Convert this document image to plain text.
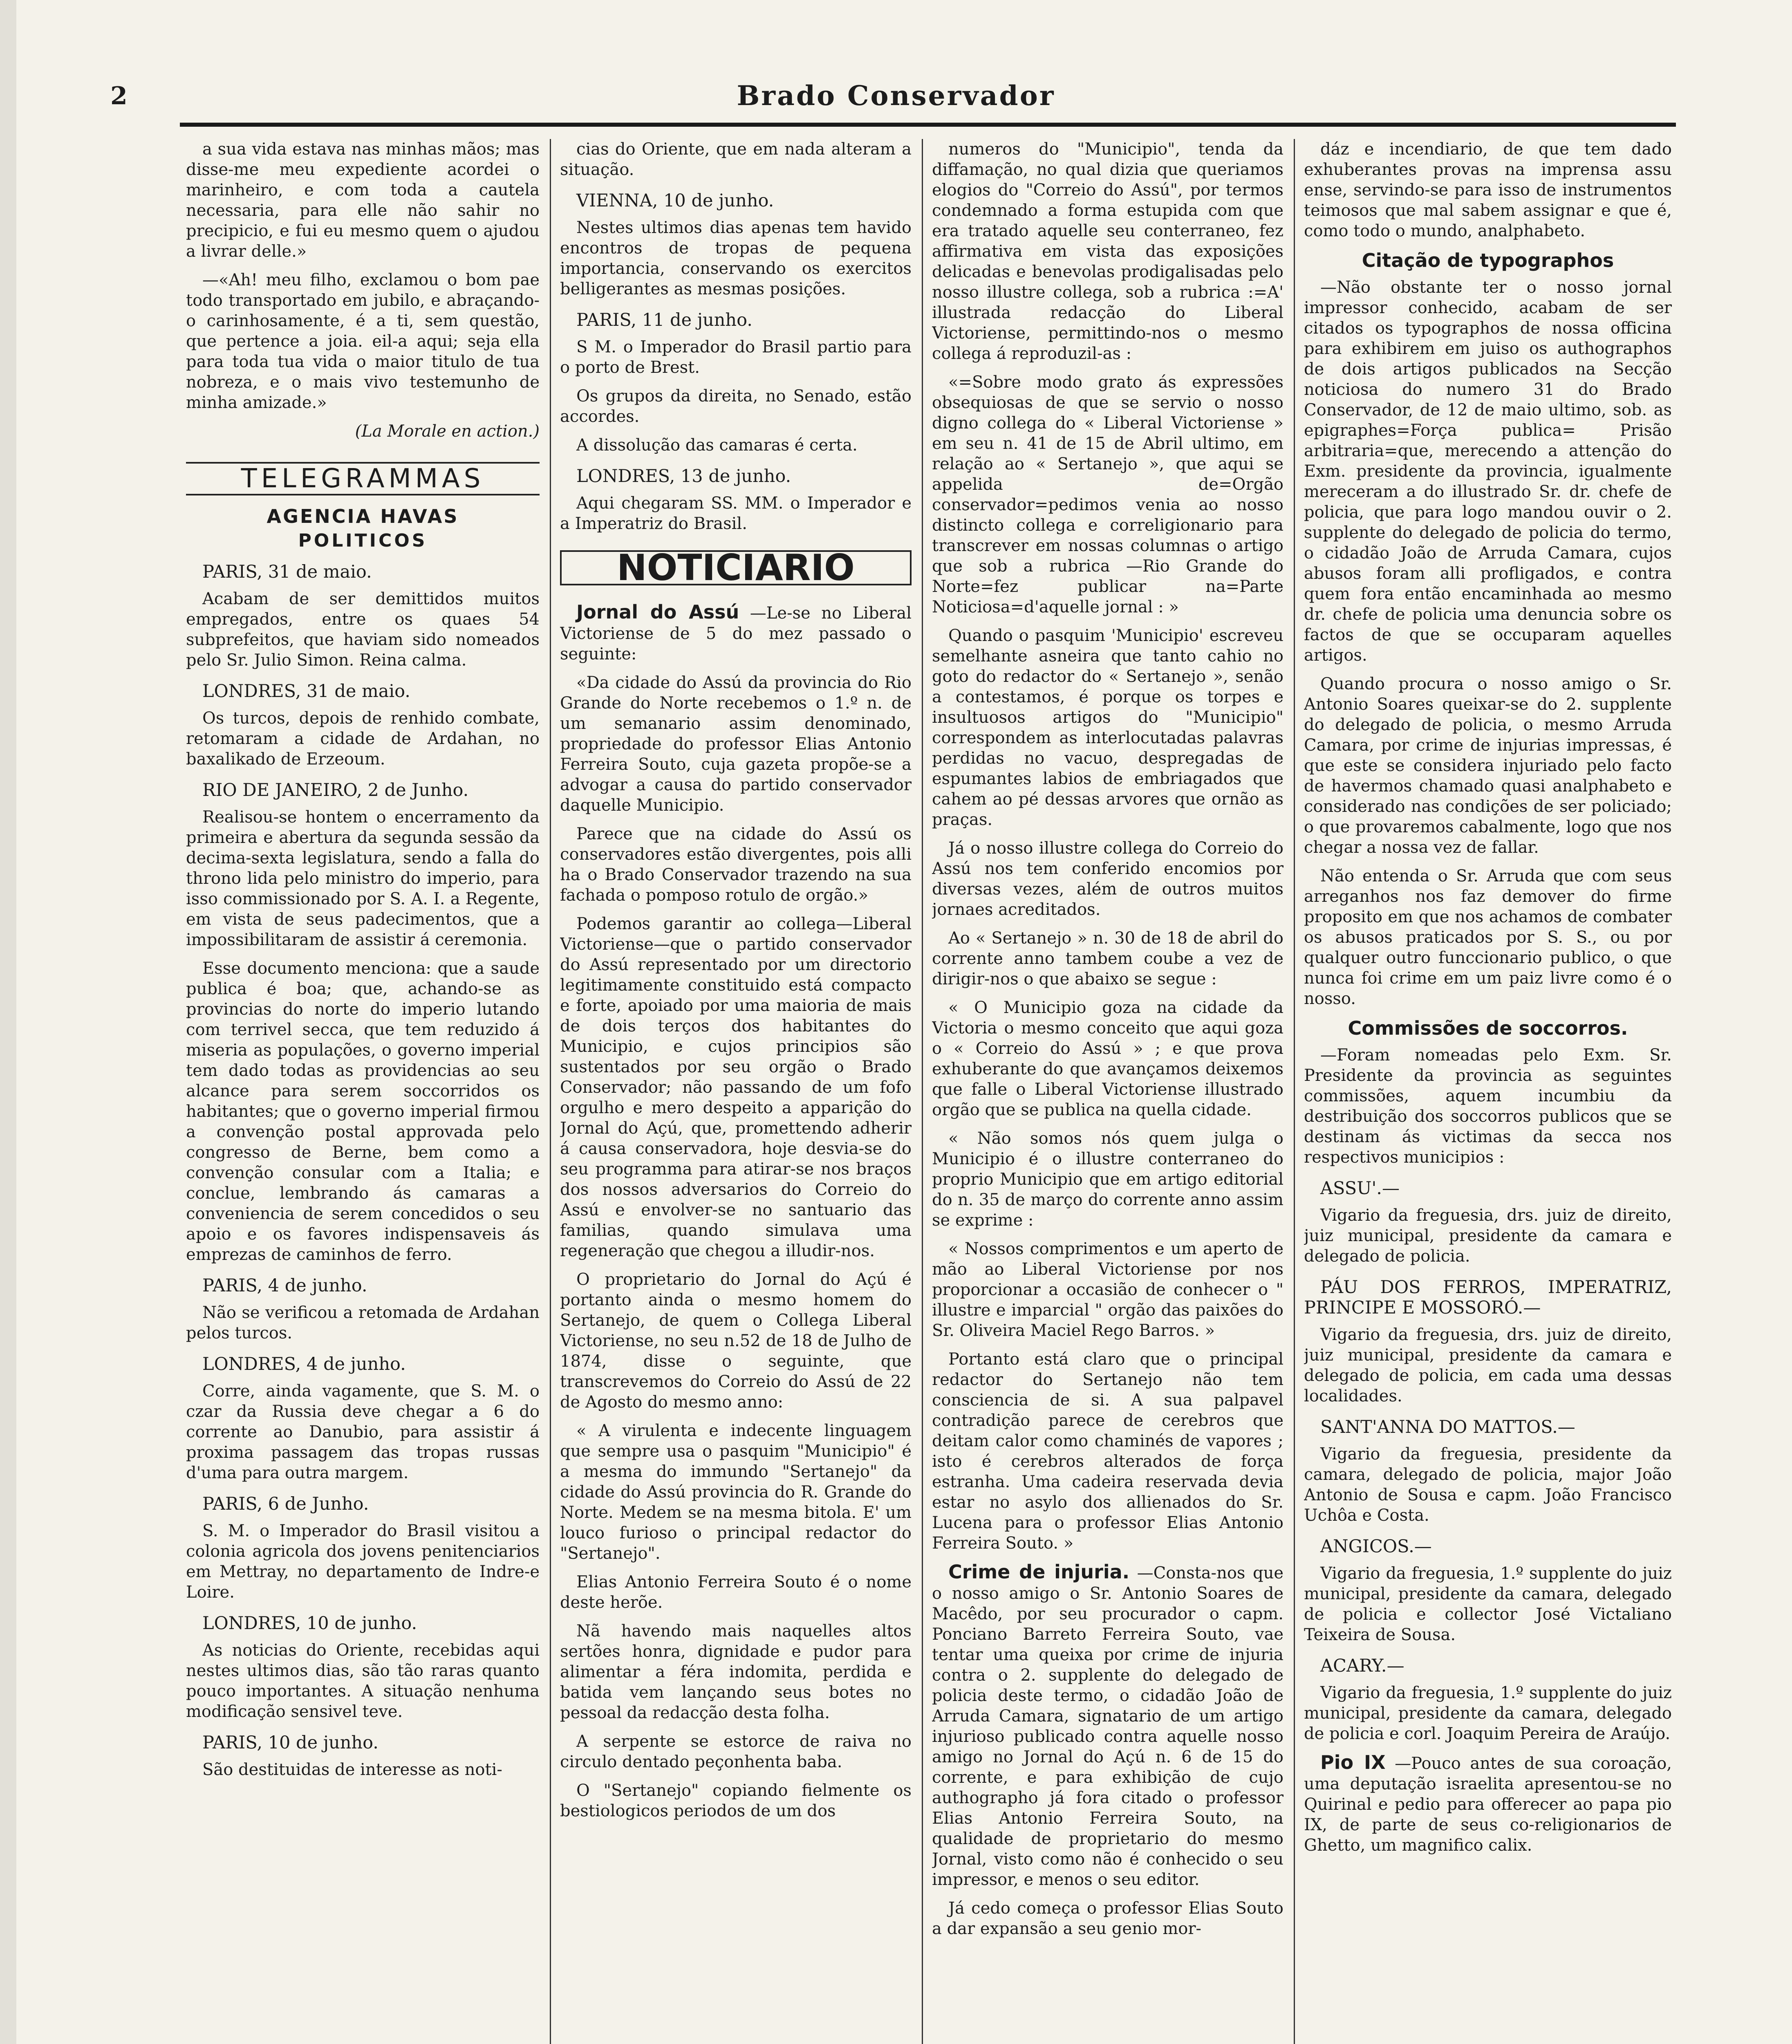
2	Brado Conservador

a sua vida estava nas minhas mãos; mas disse-me meu expediente acordei o marinheiro, e com toda a cautela necessaria, para elle não sahir no precipicio, e fui eu mesmo quem o ajudou a livrar delle.»

—«Ah! meu filho, exclamou o bom pae todo transportado em jubilo, e abraçando-o carinhosamente, é a ti, sem questão, que pertence a joia. eil-a aqui; seja ella para toda tua vida o maior titulo de tua nobreza, e o mais vivo testemunho de minha amizade.»

(La Morale en action.)

TELEGRAMMAS

AGENCIA HAVAS

POLITICOS

PARIS, 31 de maio.

Acabam de ser demittidos muitos empregados, entre os quaes 54 subprefeitos, que haviam sido nomeados pelo Sr. Julio Simon. Reina calma.

LONDRES, 31 de maio.

Os turcos, depois de renhido combate, retomaram a cidade de Ardahan, no baxalikado de Erzeoum.

RIO DE JANEIRO, 2 de Junho.

Realisou-se hontem o encerramento da primeira e abertura da segunda sessão da decima-sexta legislatura, sendo a falla do throno lida pelo ministro do imperio, para isso commissionado por S. A. I. a Regente, em vista de seus padecimentos, que a impossibilitaram de assistir á ceremonia.

Esse documento menciona: que a saude publica é boa; que, achando-se as provincias do norte do imperio lutando com terrivel secca, que tem reduzido á miseria as populações, o governo imperial tem dado todas as providencias ao seu alcance para serem soccorridos os habitantes; que o governo imperial firmou a convenção postal approvada pelo congresso de Berne, bem como a convenção consular com a Italia; e conclue, lembrando ás camaras a conveniencia de serem concedidos o seu apoio e os favores indispensaveis ás emprezas de caminhos de ferro.

PARIS, 4 de junho.

Não se verificou a retomada de Ardahan pelos turcos.

LONDRES, 4 de junho.

Corre, ainda vagamente, que S. M. o czar da Russia deve chegar a 6 do corrente ao Danubio, para assistir á proxima passagem das tropas russas d'uma para outra margem.

PARIS, 6 de Junho.

S. M. o Imperador do Brasil visitou a colonia agricola dos jovens penitenciarios em Mettray, no departamento de Indre-e Loire.

LONDRES, 10 de junho.

As noticias do Oriente, recebidas aqui nestes ultimos dias, são tão raras quanto pouco importantes. A situação nenhuma modificação sensivel teve.

PARIS, 10 de junho.

São destituidas de interesse as noti-

cias do Oriente, que em nada alteram a situação.

VIENNA, 10 de junho.

Nestes ultimos dias apenas tem havido encontros de tropas de pequena importancia, conservando os exercitos belligerantes as mesmas posições.

PARIS, 11 de junho.

S M. o Imperador do Brasil partio para o porto de Brest.

Os grupos da direita, no Senado, estão accordes.

A dissolução das camaras é certa.

LONDRES, 13 de junho.

Aqui chegaram SS. MM. o Imperador e a Imperatriz do Brasil.

NOTICIARIO

Jornal do Assú —Le-se no Liberal Victoriense de 5 do mez passado o seguinte:

«Da cidade do Assú da provincia do Rio Grande do Norte recebemos o 1.º n. de um semanario assim denominado, propriedade do professor Elias Antonio Ferreira Souto, cuja gazeta propõe-se a advogar a causa do partido conservador daquelle Municipio.

Parece que na cidade do Assú os conservadores estão divergentes, pois alli ha o Brado Conservador trazendo na sua fachada o pomposo rotulo de orgão.»

Podemos garantir ao collega—Liberal Victoriense—que o partido conservador do Assú representado por um directorio legitimamente constituido está compacto e forte, apoiado por uma maioria de mais de dois terços dos habitantes do Municipio, e cujos principios são sustentados por seu orgão o Brado Conservador; não passando de um fofo orgulho e mero despeito a apparição do Jornal do Açú, que, promettendo adherir á causa conservadora, hoje desvia-se do seu programma para atirar-se nos braços dos nossos adversarios do Correio do Assú e envolver-se no santuario das familias, quando simulava uma regeneração que chegou a illudir-nos.

O proprietario do Jornal do Açú é portanto ainda o mesmo homem do Sertanejo, de quem o Collega Liberal Victoriense, no seu n.52 de 18 de Julho de 1874, disse o seguinte, que transcrevemos do Correio do Assú de 22 de Agosto do mesmo anno:

« A virulenta e indecente linguagem que sempre usa o pasquim "Municipio" é a mesma do immundo "Sertanejo" da cidade do Assú provincia do R. Grande do Norte. Medem se na mesma bitola. E' um louco furioso o principal redactor do "Sertanejo".

Elias Antonio Ferreira Souto é o nome deste herõe.

Nã havendo mais naquelles altos sertões honra, dignidade e pudor para alimentar a féra indomita, perdida e batida vem lançando seus botes no pessoal da redacção desta folha.

A serpente se estorce de raiva no circulo dentado peçonhenta baba.

O "Sertanejo" copiando fielmente os bestiologicos periodos de um dos

numeros do "Municipio", tenda da diffamação, no qual dizia que queriamos elogios do "Correio do Assú", por termos condemnado a forma estupida com que era tratado aquelle seu conterraneo, fez affirmativa em vista das exposições delicadas e benevolas prodigalisadas pelo nosso illustre collega, sob a rubrica :=A' illustrada redacção do Liberal Victoriense, permittindo-nos o mesmo collega á reproduzil-as :

«=Sobre modo grato ás expressões obsequiosas de que se servio o nosso digno collega do « Liberal Victoriense » em seu n. 41 de 15 de Abril ultimo, em relação ao « Sertanejo », que aqui se appelida de=Orgão conservador=pedimos venia ao nosso distincto collega e correligionario para transcrever em nossas columnas o artigo que sob a rubrica —Rio Grande do Norte=fez publicar na=Parte Noticiosa=d'aquelle jornal : »

Quando o pasquim 'Municipio' escreveu semelhante asneira que tanto cahio no goto do redactor do « Sertanejo », senão a contestamos, é porque os torpes e insultuosos artigos do "Municipio" correspondem as interlocutadas palavras perdidas no vacuo, despregadas de espumantes labios de embriagados que cahem ao pé dessas arvores que ornão as praças.

Já o nosso illustre collega do Correio do Assú nos tem conferido encomios por diversas vezes, além de outros muitos jornaes acreditados.

Ao « Sertanejo » n. 30 de 18 de abril do corrente anno tambem coube a vez de dirigir-nos o que abaixo se segue :

« O Municipio goza na cidade da Victoria o mesmo conceito que aqui goza o « Correio do Assú » ; e que prova exhuberante do que avançamos deixemos que falle o Liberal Victoriense illustrado orgão que se publica na quella cidade.

« Não somos nós quem julga o Municipio é o illustre conterraneo do proprio Municipio que em artigo editorial do n. 35 de março do corrente anno assim se exprime :

« Nossos comprimentos e um aperto de mão ao Liberal Victoriense por nos proporcionar a occasião de conhecer o " illustre e imparcial " orgão das paixões do Sr. Oliveira Maciel Rego Barros. »

Portanto está claro que o principal redactor do Sertanejo não tem consciencia de si. A sua palpavel contradição parece de cerebros que deitam calor como chaminés de vapores ; isto é cerebros alterados de força estranha. Uma cadeira reservada devia estar no asylo dos allienados do Sr. Lucena para o professor Elias Antonio Ferreira Souto. »

Crime de injuria. —Consta-nos que o nosso amigo o Sr. Antonio Soares de Macêdo, por seu procurador o capm. Ponciano Barreto Ferreira Souto, vae tentar uma queixa por crime de injuria contra o 2. supplente do delegado de policia deste termo, o cidadão João de Arruda Camara, signatario de um artigo injurioso publicado contra aquelle nosso amigo no Jornal do Açú n. 6 de 15 do corrente, e para exhibição de cujo authographo já fora citado o professor Elias Antonio Ferreira Souto, na qualidade de proprietario do mesmo Jornal, visto como não é conhecido o seu impressor, e menos o seu editor.

Já cedo começa o professor Elias Souto a dar expansão a seu genio mor-

dáz e incendiario, de que tem dado exhuberantes provas na imprensa assu ense, servindo-se para isso de instrumentos teimosos que mal sabem assignar e que é, como todo o mundo, analphabeto.

Citação de typographos

—Não obstante ter o nosso jornal impressor conhecido, acabam de ser citados os typographos de nossa officina para exhibirem em juiso os authographos de dois artigos publicados na Secção noticiosa do numero 31 do Brado Conservador, de 12 de maio ultimo, sob. as epigraphes=Força publica= Prisão arbitraria=que, merecendo a attenção do Exm. presidente da provincia, igualmente mereceram a do illustrado Sr. dr. chefe de policia, que para logo mandou ouvir o 2. supplente do delegado de policia do termo, o cidadão João de Arruda Camara, cujos abusos foram alli profligados, e contra quem fora então encaminhada ao mesmo dr. chefe de policia uma denuncia sobre os factos de que se occuparam aquelles artigos.

Quando procura o nosso amigo o Sr. Antonio Soares queixar-se do 2. supplente do delegado de policia, o mesmo Arruda Camara, por crime de injurias impressas, é que este se considera injuriado pelo facto de havermos chamado quasi analphabeto e considerado nas condições de ser policiado; o que provaremos cabalmente, logo que nos chegar a nossa vez de fallar.

Não entenda o Sr. Arruda que com seus arreganhos nos faz demover do firme proposito em que nos achamos de combater os abusos praticados por S. S., ou por qualquer outro funccionario publico, o que nunca foi crime em um paiz livre como é o nosso.

Commissões de soccorros.

—Foram nomeadas pelo Exm. Sr. Presidente da provincia as seguintes commissões, aquem incumbiu da destribuição dos soccorros publicos que se destinam ás victimas da secca nos respectivos municipios :

ASSU'.—

Vigario da freguesia, drs. juiz de direito, juiz municipal, presidente da camara e delegado de policia.

PÁU DOS FERROS, IMPERATRIZ, PRINCIPE E MOSSORÓ.—

Vigario da freguesia, drs. juiz de direito, juiz municipal, presidente da camara e delegado de policia, em cada uma dessas localidades.

SANT'ANNA DO MATTOS.—

Vigario da freguesia, presidente da camara, delegado de policia, major João Antonio de Sousa e capm. João Francisco Uchôa e Costa.

ANGICOS.—

Vigario da freguesia, 1.º supplente do juiz municipal, presidente da camara, delegado de policia e collector José Victaliano Teixeira de Sousa.

ACARY.—

Vigario da freguesia, 1.º supplente do juiz municipal, presidente da camara, delegado de policia e corl. Joaquim Pereira de Araújo.

Pio IX —Pouco antes de sua coroação, uma deputação israelita apresentou-se no Quirinal e pedio para offerecer ao papa pio IX, de parte de seus co-religionarios de Ghetto, um magnifico calix.
